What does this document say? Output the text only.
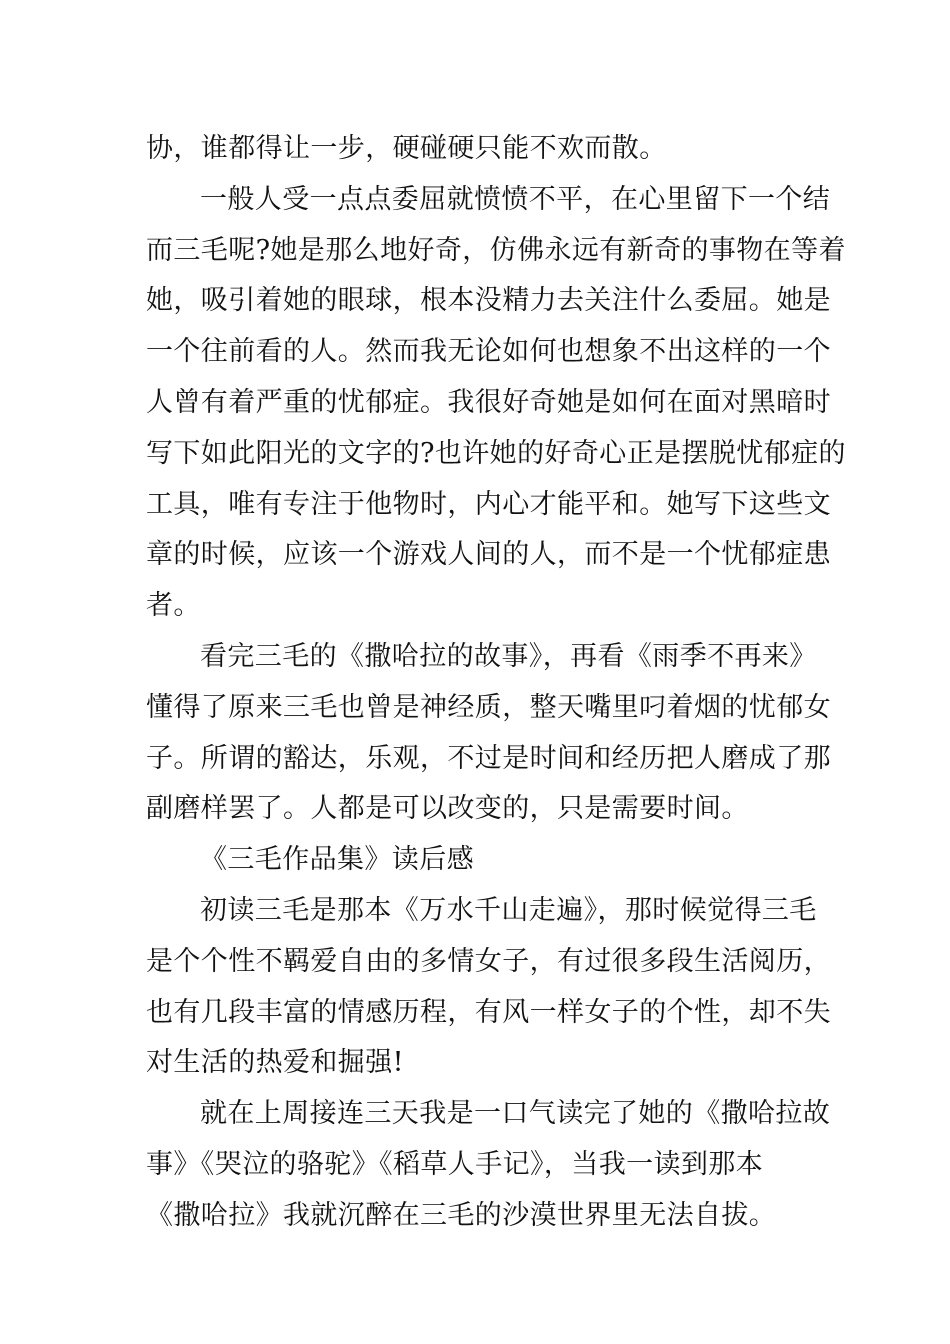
协，谁都得让一步，硬碰硬只能不欢而散。
一般人受一点点委屈就愤愤不平，在心里留下一个结
而三毛呢?她是那么地好奇，仿佛永远有新奇的事物在等着
她，吸引着她的眼球，根本没精力去关注什么委屈。她是
一个往前看的人。然而我无论如何也想象不出这样的一个
人曾有着严重的忧郁症。我很好奇她是如何在面对黑暗时
写下如此阳光的文字的?也许她的好奇心正是摆脱忧郁症的
工具，唯有专注于他物时，内心才能平和。她写下这些文
章的时候，应该一个游戏人间的人，而不是一个忧郁症患
者。
看完三毛的《撒哈拉的故事》，再看《雨季不再来》
懂得了原来三毛也曾是神经质，整天嘴里叼着烟的忧郁女
子。所谓的豁达，乐观，不过是时间和经历把人磨成了那
副磨样罢了。人都是可以改变的，只是需要时间。
《三毛作品集》读后感
初读三毛是那本《万水千山走遍》，那时候觉得三毛
是个个性不羁爱自由的多情女子，有过很多段生活阅历，
也有几段丰富的情感历程，有风一样女子的个性，却不失
对生活的热爱和掘强!
就在上周接连三天我是一口气读完了她的《撒哈拉故
事》《哭泣的骆驼》《稻草人手记》，当我一读到那本
《撒哈拉》我就沉醉在三毛的沙漠世界里无法自拔。
